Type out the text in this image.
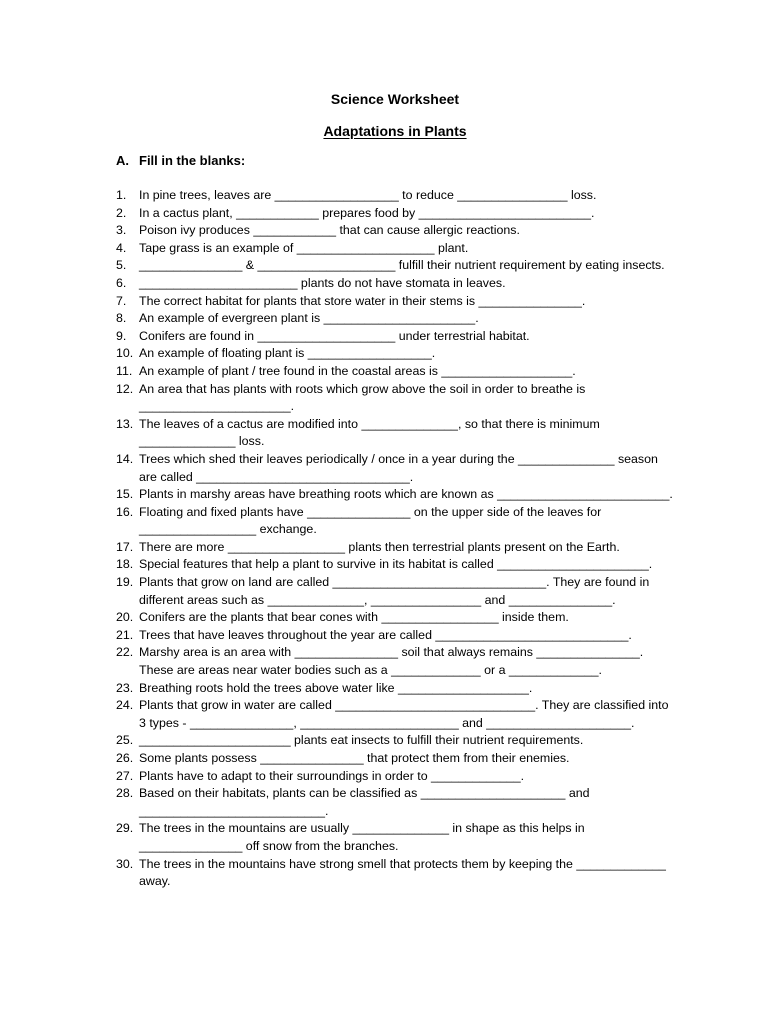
Science Worksheet
Adaptations in Plants
A. Fill in the blanks:
1.	In pine trees, leaves are __________________ to reduce ________________ loss.
2.	In a cactus plant, ____________ prepares food by _________________________.
3.	Poison ivy produces ____________ that can cause allergic reactions.
4.	Tape grass is an example of ____________________ plant.
5.	_______________ & ____________________ fulfill their nutrient requirement by eating insects.
6.	_______________________ plants do not have stomata in leaves.
7.	The correct habitat for plants that store water in their stems is _______________.
8.	An example of evergreen plant is ______________________.
9.	Conifers are found in ____________________ under terrestrial habitat.
10. An example of floating plant is __________________.
11. An example of plant / tree found in the coastal areas is ___________________.
12. An area that has plants with roots which grow above the soil in order to breathe is ______________________.
13. The leaves of a cactus are modified into ______________, so that there is minimum ______________ loss.
14. Trees which shed their leaves periodically / once in a year during the ______________ season are called _______________________________.
15. Plants in marshy areas have breathing roots which are known as _________________________.
16. Floating and fixed plants have _______________ on the upper side of the leaves for _________________ exchange.
17. There are more _________________ plants then terrestrial plants present on the Earth.
18. Special features that help a plant to survive in its habitat is called ______________________.
19. Plants that grow on land are called _______________________________. They are found in different areas such as ______________, ________________ and _______________.
20. Conifers are the plants that bear cones with _________________ inside them.
21. Trees that have leaves throughout the year are called ____________________________.
22. Marshy area is an area with _______________ soil that always remains _______________. These are areas near water bodies such as a _____________ or a _____________.
23. Breathing roots hold the trees above water like ___________________.
24. Plants that grow in water are called _____________________________. They are classified into 3 types - _______________, _______________________ and _____________________.
25. ______________________ plants eat insects to fulfill their nutrient requirements.
26. Some plants possess _______________ that protect them from their enemies.
27. Plants have to adapt to their surroundings in order to _____________.
28. Based on their habitats, plants can be classified as _____________________ and ___________________________.
29. The trees in the mountains are usually ______________ in shape as this helps in _______________ off snow from the branches.
30. The trees in the mountains have strong smell that protects them by keeping the _____________ away.
